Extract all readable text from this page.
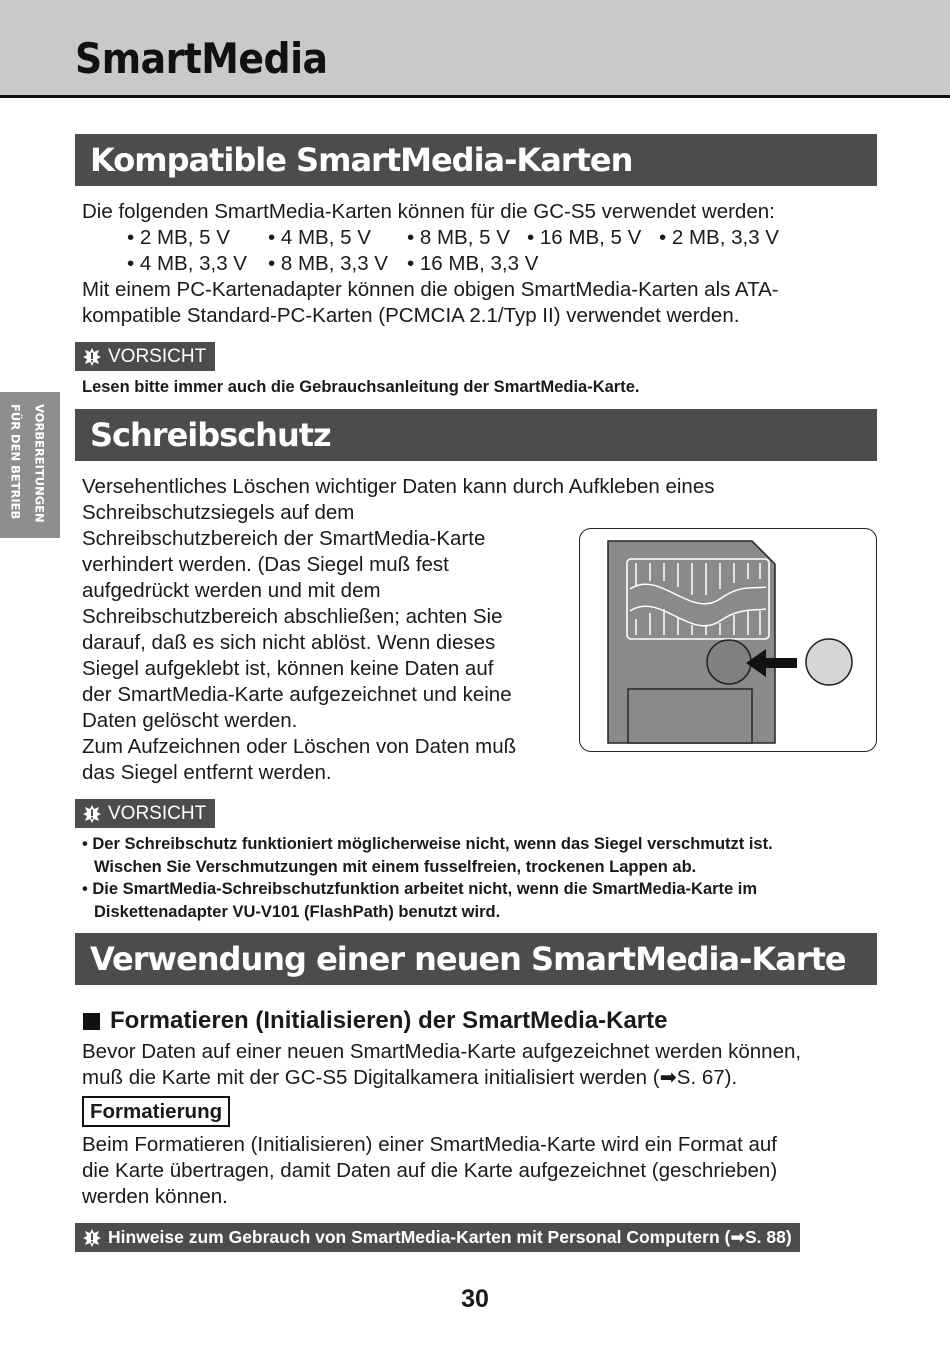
SmartMedia
VORBEREITUNGEN
FÜR DEN BETRIEB
Kompatible SmartMedia-Karten

Die folgenden SmartMedia-Karten können für die GC-S5 verwendet werden:

• 2 MB, 5 V • 4 MB, 5 V • 8 MB, 5 V • 16 MB, 5 V • 2 MB, 3,3 V
• 4 MB, 3,3 V • 8 MB, 3,3 V • 16 MB, 3,3 V

Mit einem PC-Kartenadapter können die obigen SmartMedia-Karten als ATA-

kompatible Standard-PC-Karten (PCMCIA 2.1/Typ II) verwendet werden.

VORSICHT

Lesen bitte immer auch die Gebrauchsanleitung der SmartMedia-Karte.

Schreibschutz

Versehentliches Löschen wichtiger Daten kann durch Aufkleben eines

Schreibschutzsiegels auf dem

Schreibschutzbereich der SmartMedia-Karte

verhindert werden. (Das Siegel muß fest

aufgedrückt werden und mit dem

Schreibschutzbereich abschließen; achten Sie

darauf, daß es sich nicht ablöst. Wenn dieses

Siegel aufgeklebt ist, können keine Daten auf

der SmartMedia-Karte aufgezeichnet und keine

Daten gelöscht werden.

Zum Aufzeichnen oder Löschen von Daten muß

das Siegel entfernt werden.

VORSICHT
• Der Schreibschutz funktioniert möglicherweise nicht, wenn das Siegel verschmutzt ist.
Wischen Sie Verschmutzungen mit einem fusselfreien, trockenen Lappen ab.
• Die SmartMedia-Schreibschutzfunktion arbeitet nicht, wenn die SmartMedia-Karte im
Diskettenadapter VU-V101 (FlashPath) benutzt wird.
Verwendung einer neuen SmartMedia-Karte
Formatieren (Initialisieren) der SmartMedia-Karte

Bevor Daten auf einer neuen SmartMedia-Karte aufgezeichnet werden können,

muß die Karte mit der GC-S5 Digitalkamera initialisiert werden (➡S. 67).

Formatierung

Beim Formatieren (Initialisieren) einer SmartMedia-Karte wird ein Format auf

die Karte übertragen, damit Daten auf die Karte aufgezeichnet (geschrieben)

werden können.

Hinweise zum Gebrauch von SmartMedia-Karten mit Personal Computern (➡S. 88)
30
